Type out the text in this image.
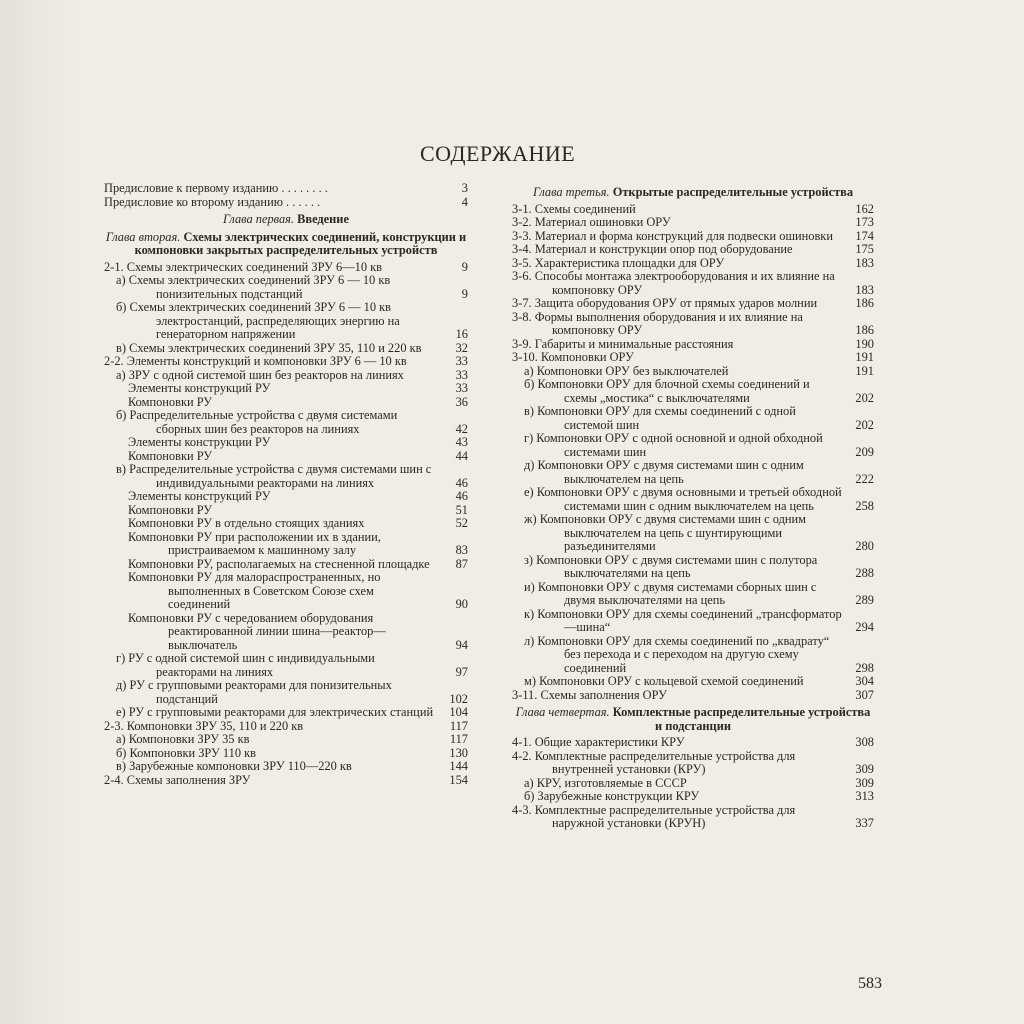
СОДЕРЖАНИЕ
Предисловие к первому изданию . . . . . . . .	3
Предисловие ко второму изданию . . . . . .	4
Глава первая. Введение
Глава вторая. Схемы электрических соединений, конструкции и компоновки закрытых распределительных устройств
2-1. Схемы электрических соединений ЗРУ 6—10 кв	9
а) Схемы электрических соединений ЗРУ 6 — 10 кв понизительных подстанций	9
б) Схемы электрических соединений ЗРУ 6 — 10 кв электростанций, распределяющих энергию на генераторном напряжении	16
в) Схемы электрических соединений ЗРУ 35, 110 и 220 кв	32
2-2. Элементы конструкций и компоновки ЗРУ 6 — 10 кв	33
а) ЗРУ с одной системой шин без реакторов на линиях	33
Элементы конструкций РУ	33
Компоновки РУ	36
б) Распределительные устройства с двумя системами сборных шин без реакторов на линиях	42
Элементы конструкции РУ	43
Компоновки РУ	44
в) Распределительные устройства с двумя системами шин с индивидуальными реакторами на линиях	46
Элементы конструкций РУ	46
Компоновки РУ	51
Компоновки РУ в отдельно стоящих зданиях	52
Компоновки РУ при расположении их в здании, пристраиваемом к машинному залу	83
Компоновки РУ, располагаемых на стесненной площадке	87
Компоновки РУ для малораспространенных, но выполненных в Советском Союзе схем соединений	90
Компоновки РУ с чередованием оборудования реактированной линии шина—реактор—выключатель	94
г) РУ с одной системой шин с индивидуальными реакторами на линиях	97
д) РУ с групповыми реакторами для понизительных подстанций	102
е) РУ с групповыми реакторами для электрических станций	104
2-3. Компоновки ЗРУ 35, 110 и 220 кв	117
а) Компоновки ЗРУ 35 кв	117
б) Компоновки ЗРУ 110 кв	130
в) Зарубежные компоновки ЗРУ 110—220 кв	144
2-4. Схемы заполнения ЗРУ	154
Глава третья. Открытые распределительные устройства
3-1. Схемы соединений	162
3-2. Материал ошиновки ОРУ	173
3-3. Материал и форма конструкций для подвески ошиновки	174
3-4. Материал и конструкции опор под оборудование	175
3-5. Характеристика площадки для ОРУ	183
3-6. Способы монтажа электрооборудования и их влияние на компоновку ОРУ	183
3-7. Защита оборудования ОРУ от прямых ударов молнии	186
3-8. Формы выполнения оборудования и их влияние на компоновку ОРУ	186
3-9. Габариты и минимальные расстояния	190
3-10. Компоновки ОРУ	191
а) Компоновки ОРУ без выключателей	191
б) Компоновки ОРУ для блочной схемы соединений и схемы „мостика“ с выключателями	202
в) Компоновки ОРУ для схемы соединений с одной системой шин	202
г) Компоновки ОРУ с одной основной и одной обходной системами шин	209
д) Компоновки ОРУ с двумя системами шин с одним выключателем на цепь	222
е) Компоновки ОРУ с двумя основными и третьей обходной системами шин с одним выключателем на цепь	258
ж) Компоновки ОРУ с двумя системами шин с одним выключателем на цепь с шунтирующими разъединителями	280
з) Компоновки ОРУ с двумя системами шин с полутора выключателями на цепь	288
и) Компоновки ОРУ с двумя системами сборных шин с двумя выключателями на цепь	289
к) Компоновки ОРУ для схемы соединений „трансформатор—шина“	294
л) Компоновки ОРУ для схемы соединений по „квадрату“ без перехода и с переходом на другую схему соединений	298
м) Компоновки ОРУ с кольцевой схемой соединений	304
3-11. Схемы заполнения ОРУ	307
Глава четвертая. Комплектные распределительные устройства и подстанции
4-1. Общие характеристики КРУ	308
4-2. Комплектные распределительные устройства для внутренней установки (КРУ)	309
а) КРУ, изготовляемые в СССР	309
б) Зарубежные конструкции КРУ	313
4-3. Комплектные распределительные устройства для наружной установки (КРУН)	337
583
